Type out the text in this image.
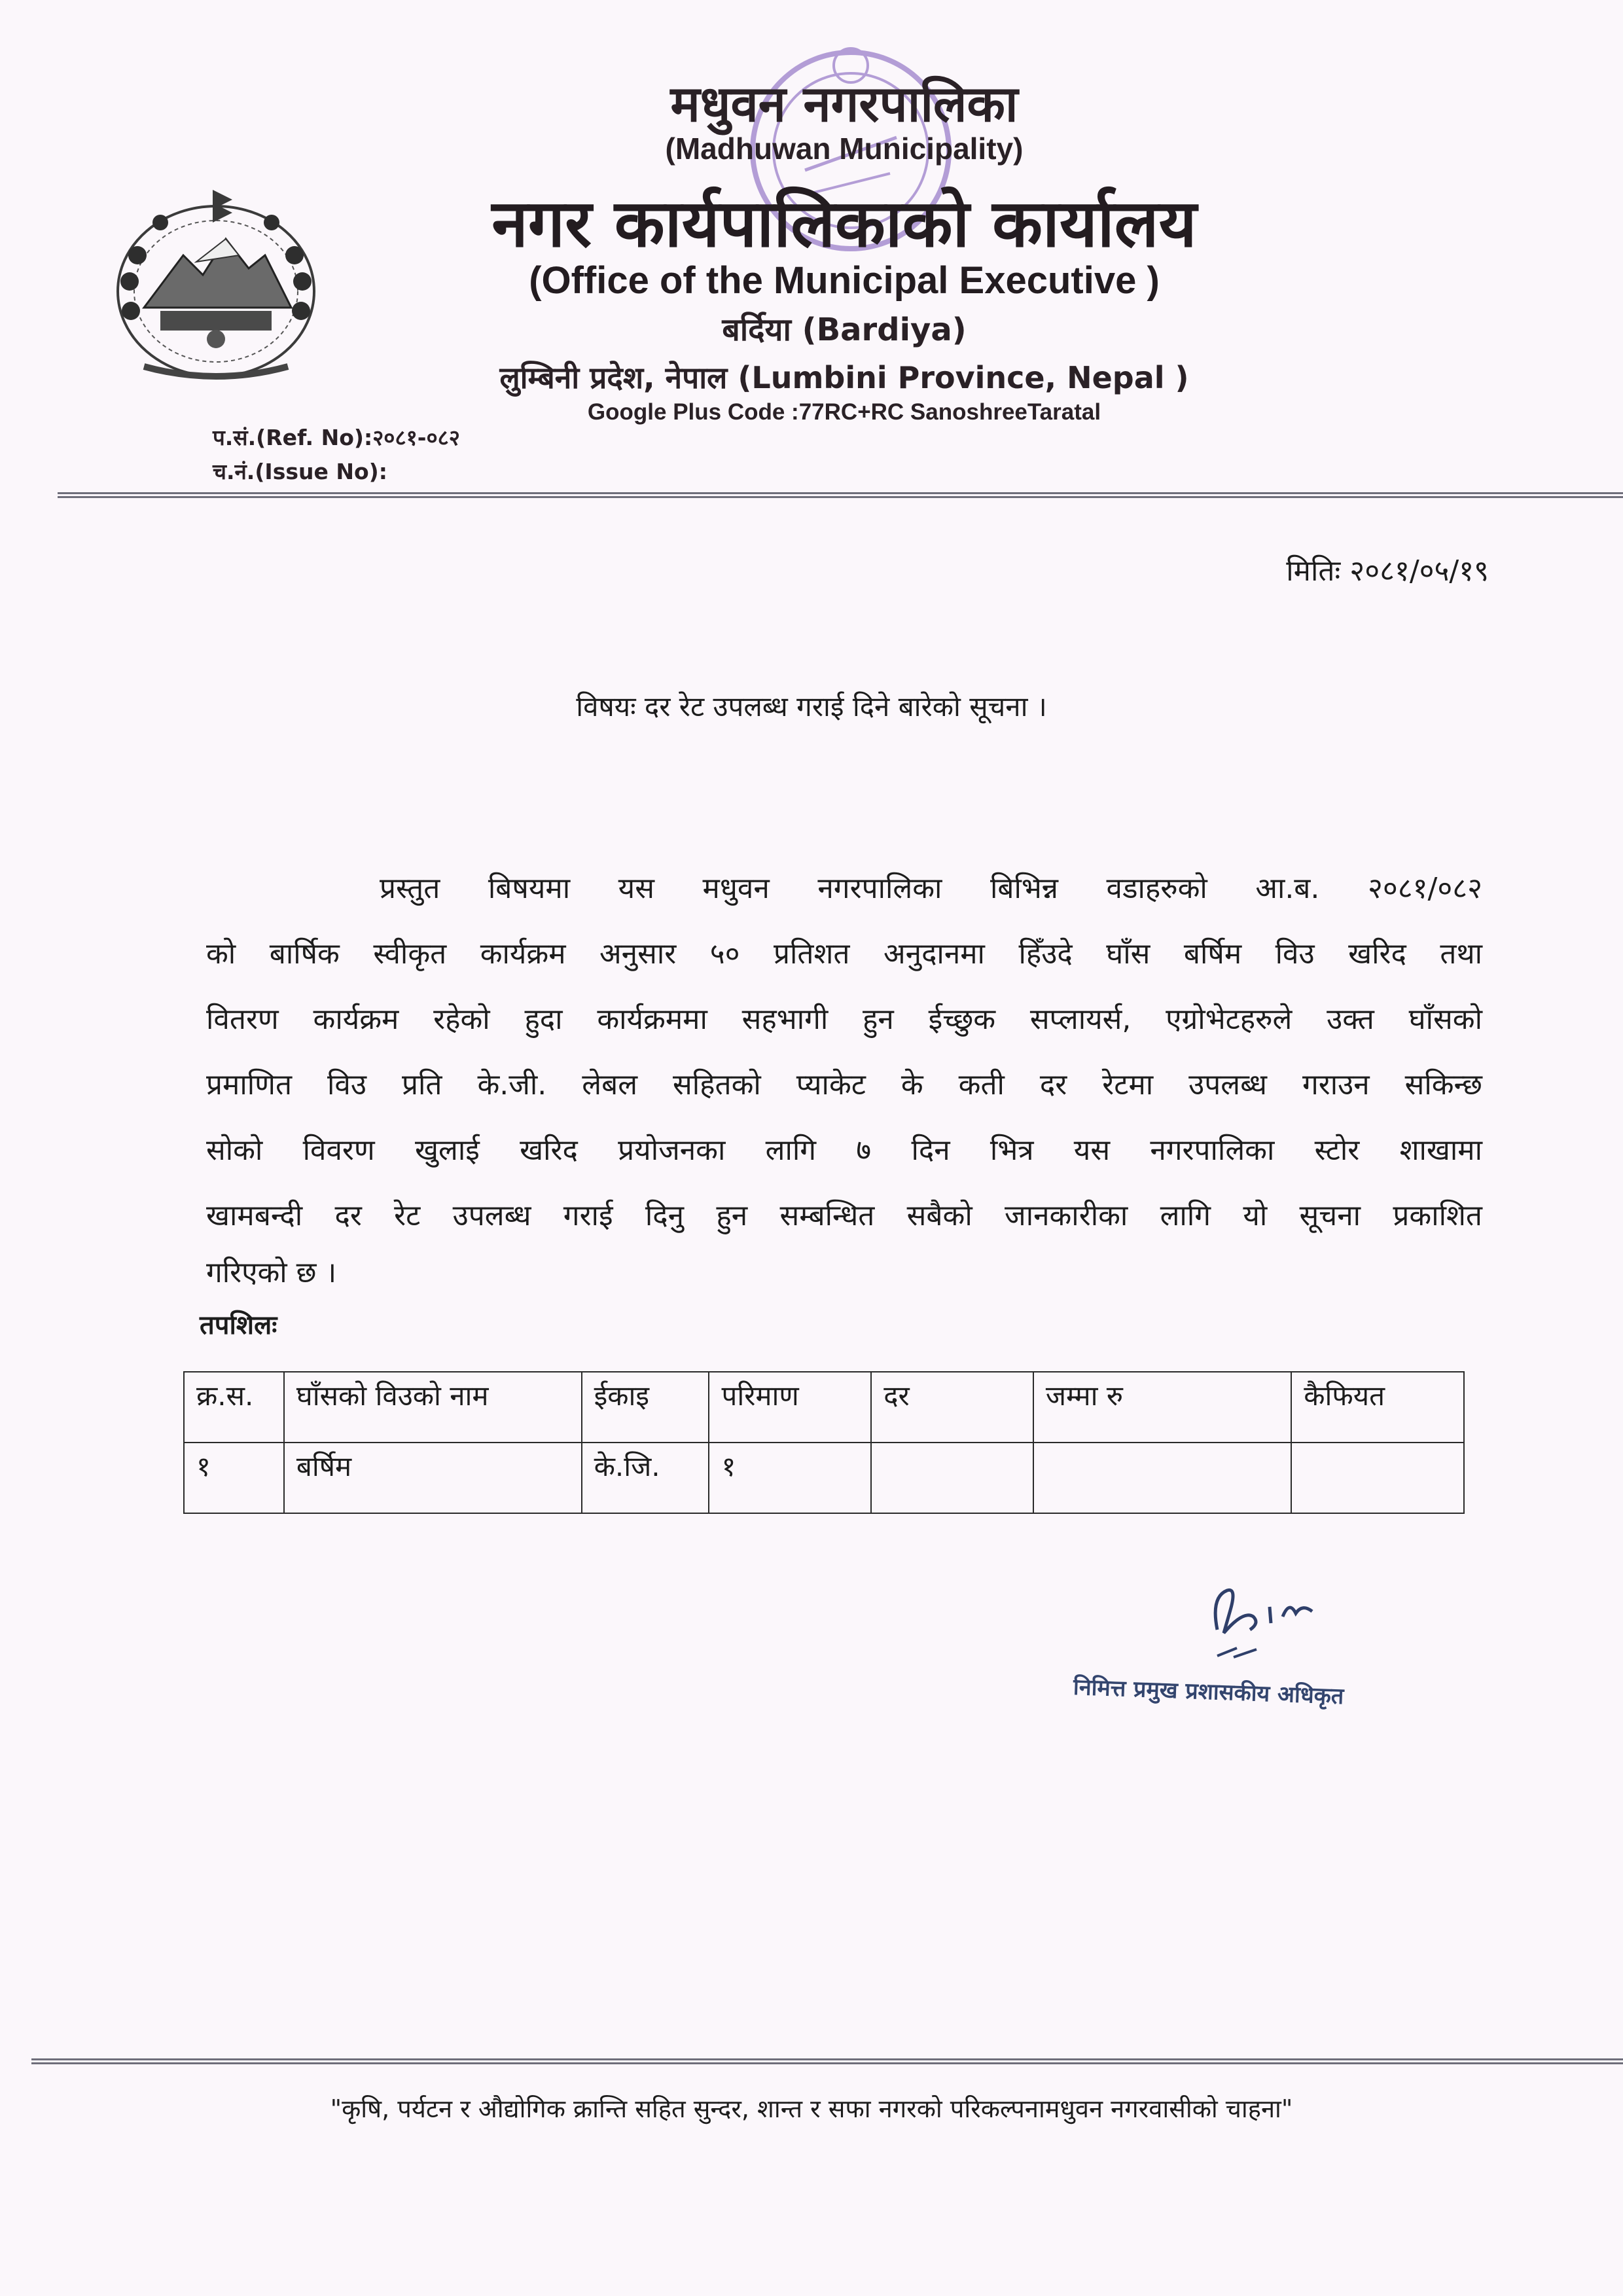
मधुवन नगरपालिका
(Madhuwan Municipality)
नगर कार्यपालिकाको कार्यालय
(Office of the Municipal Executive )
बर्दिया (Bardiya)
लुम्बिनी प्रदेश, नेपाल (Lumbini Province, Nepal )
Google Plus Code :77RC+RC SanoshreeTaratal
प.सं.(Ref. No):२०८१-०८२
च.नं.(Issue No):
मितिः २०८१/०५/१९
विषयः दर रेट उपलब्ध गराई दिने बारेको सूचना ।
प्रस्तुत बिषयमा यस मधुवन नगरपालिका बिभिन्न वडाहरुको आ.ब. २०८१/०८२
को बार्षिक स्वीकृत कार्यक्रम अनुसार ५० प्रतिशत अनुदानमा हिँउदे घाँस बर्षिम विउ खरिद तथा
वितरण कार्यक्रम रहेको हुदा कार्यक्रममा सहभागी हुन ईच्छुक सप्लायर्स, एग्रोभेटहरुले उक्त घाँसको
प्रमाणित विउ प्रति के.जी. लेबल सहितको प्याकेट के कती दर रेटमा उपलब्ध गराउन सकिन्छ
सोको विवरण खुलाई खरिद प्रयोजनका लागि ७ दिन भित्र यस नगरपालिका स्टोर शाखामा
खामबन्दी दर रेट उपलब्ध गराई दिनु हुन सम्बन्धित सबैको जानकारीका लागि यो सूचना प्रकाशित
गरिएको छ ।
तपशिलः
क्र.स.	घाँसको विउको नाम	ईकाइ	परिमाण	दर	जम्मा रु	कैफियत
१	बर्षिम	के.जि.	१			
निमित्त प्रमुख प्रशासकीय अधिकृत
"कृषि, पर्यटन र औद्योगिक क्रान्ति सहित सुन्दर, शान्त र सफा नगरको परिकल्पनामधुवन नगरवासीको चाहना"
